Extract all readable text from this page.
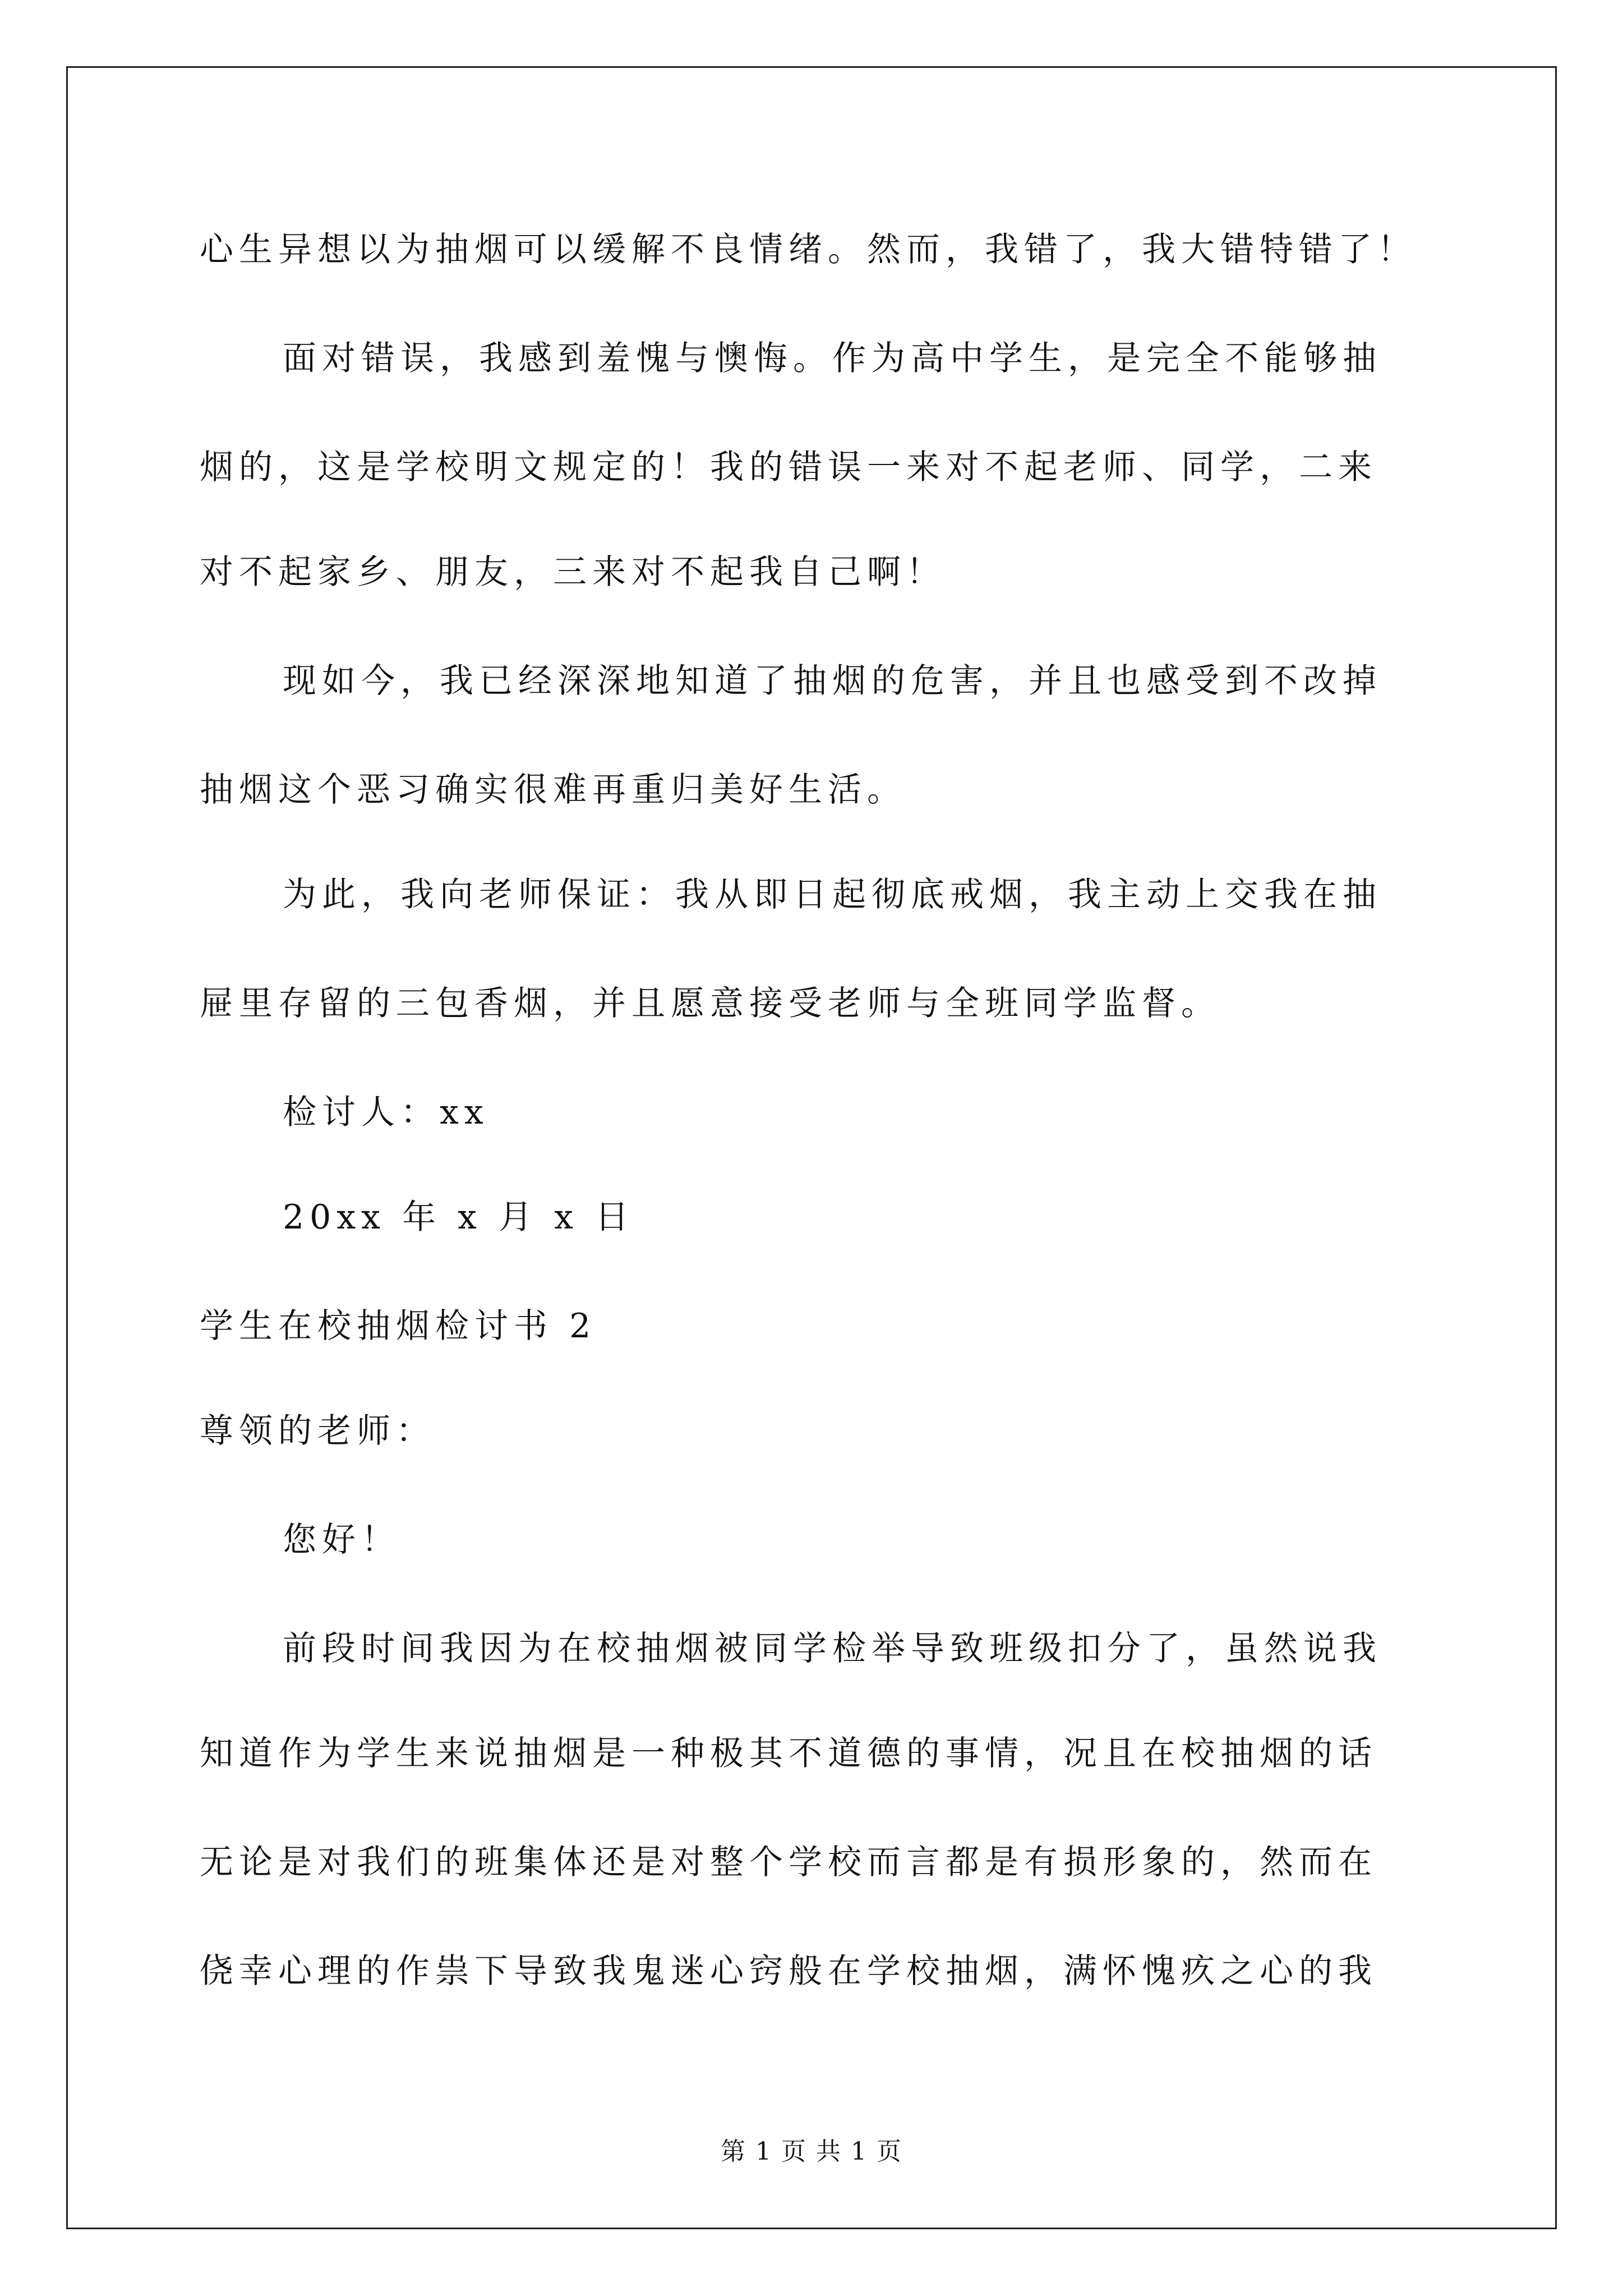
心生异想以为抽烟可以缓解不良情绪。然而，我错了，我大错特错了！
面对错误，我感到羞愧与懊悔。作为高中学生，是完全不能够抽
烟的，这是学校明文规定的！我的错误一来对不起老师、同学，二来
对不起家乡、朋友，三来对不起我自己啊！
现如今，我已经深深地知道了抽烟的危害，并且也感受到不改掉
抽烟这个恶习确实很难再重归美好生活。
为此，我向老师保证：我从即日起彻底戒烟，我主动上交我在抽
屉里存留的三包香烟，并且愿意接受老师与全班同学监督。
检讨人：xx
20xx 年 x 月 x 日
学生在校抽烟检讨书 2
尊领的老师：
您好！
前段时间我因为在校抽烟被同学检举导致班级扣分了，虽然说我
知道作为学生来说抽烟是一种极其不道德的事情，况且在校抽烟的话
无论是对我们的班集体还是对整个学校而言都是有损形象的，然而在
侥幸心理的作祟下导致我鬼迷心窍般在学校抽烟，满怀愧疚之心的我
第 1 页 共 1 页
